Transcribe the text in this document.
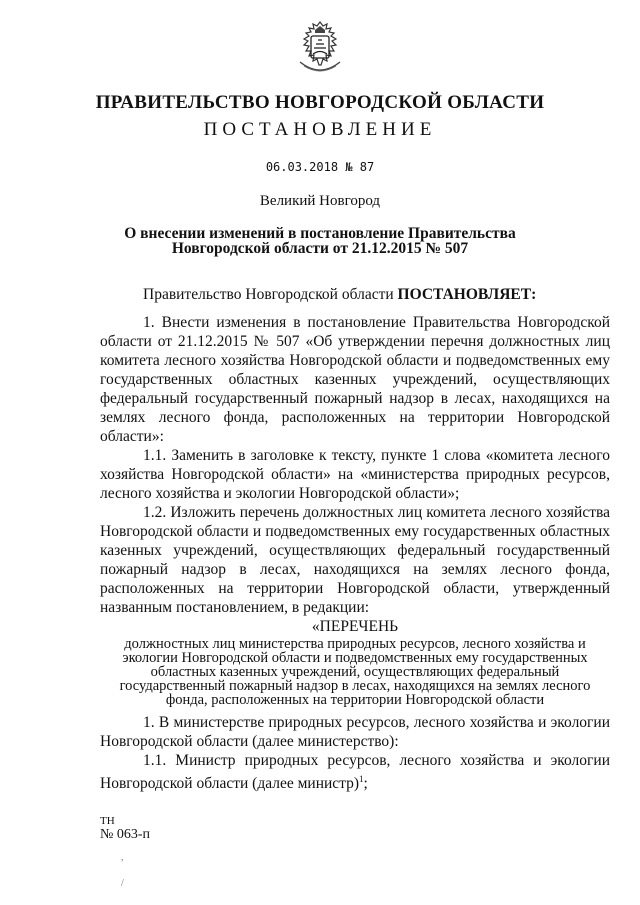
ПРАВИТЕЛЬСТВО НОВГОРОДСКОЙ ОБЛАСТИ
ПОСТАНОВЛЕНИЕ
06.03.2018 № 87
Великий Новгород
О внесении изменений в постановление Правительства
Новгородской области от 21.12.2015 № 507

Правительство Новгородской области ПОСТАНОВЛЯЕТ:

1. Внести изменения в постановление Правительства Новгородской области от 21.12.2015 № 507 «Об утверждении перечня должностных лиц комитета лесного хозяйства Новгородской области и подведомственных ему государственных областных казенных учреждений, осуществляющих федеральный государственный пожарный надзор в лесах, находящихся на землях лесного фонда, расположенных на территории Новгородской области»:

1.1. Заменить в заголовке к тексту, пункте 1 слова «комитета лесного хозяйства Новгородской области» на «министерства природных ресурсов, лесного хозяйства и экологии Новгородской области»;

1.2. Изложить перечень должностных лиц комитета лесного хозяйства Новгородской области и подведомственных ему государственных областных казенных учреждений, осуществляющих федеральный государственный пожарный надзор в лесах, находящихся на землях лесного фонда, расположенных на территории Новгородской области, утвержденный названным постановлением, в редакции:

«ПЕРЕЧЕНЬ

должностных лиц министерства природных ресурсов, лесного хозяйства и экологии Новгородской области и подведомственных ему государственных областных казенных учреждений, осуществляющих федеральный государственный пожарный надзор в лесах, находящихся на землях лесного фонда, расположенных на территории Новгородской области

1. В министерстве природных ресурсов, лесного хозяйства и экологии Новгородской области (далее министерство):

1.1. Министр природных ресурсов, лесного хозяйства и экологии Новгородской области (далее министр)$^1$;

ТН
№ 063-п
,
/
